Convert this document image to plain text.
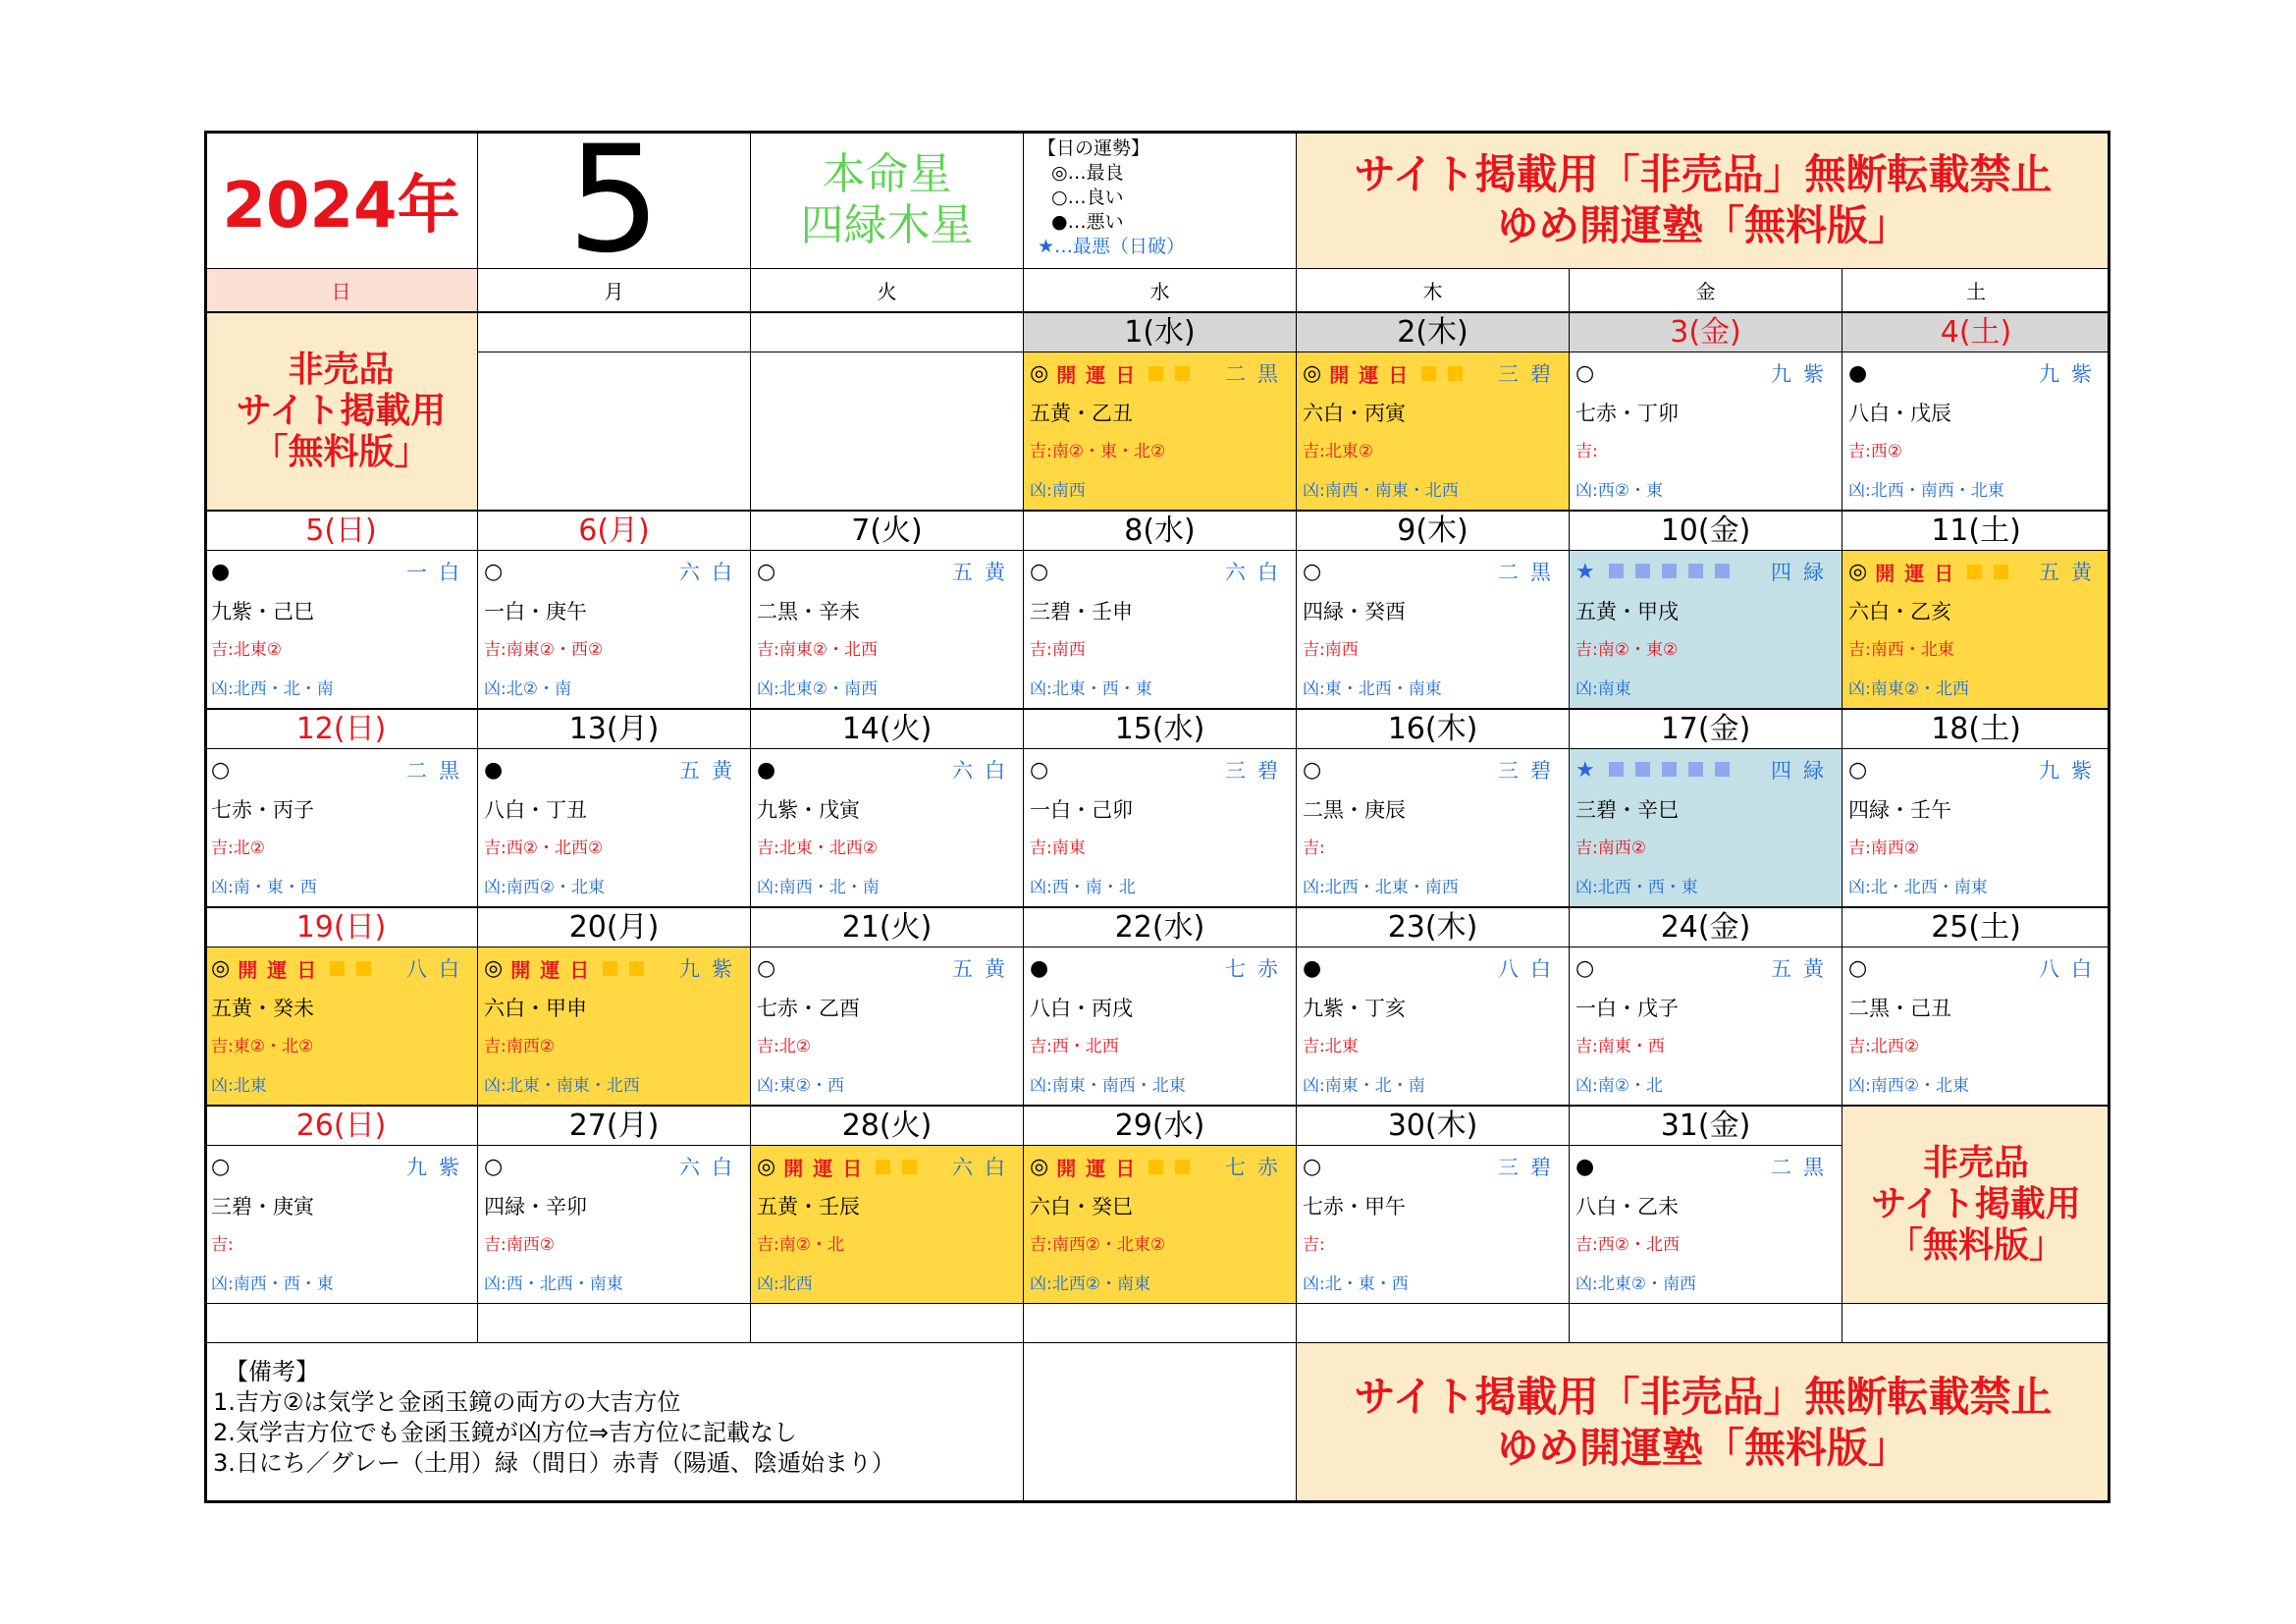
2024年 5	本命星
四緑木星
【日の運勢】
◎…最良
○…良い
●…悪い
★…最悪（日破）
サイト掲載用「非売品」無断転載禁止
ゆめ開運塾「無料版」
日	月	火	水	木	金	土
1(水)
◎ 開運日	二黒
五黄・乙丑
吉:南②・東・北②
凶:南西
2(木)
◎ 開運日	三碧
六白・丙寅
吉:北東②
凶:南西・南東・北西
3(金)
○	九紫
七赤・丁卯
吉:
凶:西②・東
4(土)
●	九紫
八白・戊辰
吉:西②
凶:北西・南西・北東
5(日)
●	一白
九紫・己巳
吉:北東②
凶:北西・北・南
6(月)
○	六白
一白・庚午
吉:南東②・西②
凶:北②・南
7(火)
○	五黄
二黒・辛未
吉:南東②・北西
凶:北東②・南西
8(水)
○	六白
三碧・壬申
吉:南西
凶:北東・西・東
9(木)
○	二黒
四緑・癸酉
吉:南西
凶:東・北西・南東
10(金)
★	四緑
五黄・甲戌
吉:南②・東②
凶:南東
11(土)
◎ 開運日	五黄
六白・乙亥
吉:南西・北東
凶:南東②・北西
12(日)
○	二黒
七赤・丙子
吉:北②
凶:南・東・西
13(月)
●	五黄
八白・丁丑
吉:西②・北西②
凶:南西②・北東
14(火)
●	六白
九紫・戊寅
吉:北東・北西②
凶:南西・北・南
15(水)
○	三碧
一白・己卯
吉:南東
凶:西・南・北
16(木)
○	三碧
二黒・庚辰
吉:
凶:北西・北東・南西
17(金)
★	四緑
三碧・辛巳
吉:南西②
凶:北西・西・東
18(土)
○	九紫
四緑・壬午
吉:南西②
凶:北・北西・南東
19(日)
◎ 開運日	八白
五黄・癸未
吉:東②・北②
凶:北東
20(月)
◎ 開運日	九紫
六白・甲申
吉:南西②
凶:北東・南東・北西
21(火)
○	五黄
七赤・乙酉
吉:北②
凶:東②・西
22(水)
●	七赤
八白・丙戌
吉:西・北西
凶:南東・南西・北東
23(木)
●	八白
九紫・丁亥
吉:北東
凶:南東・北・南
24(金)
○	五黄
一白・戊子
吉:南東・西
凶:南②・北
25(土)
○	八白
二黒・己丑
吉:北西②
凶:南西②・北東
26(日)
○	九紫
三碧・庚寅
吉:
凶:南西・西・東
27(月)
○	六白
四緑・辛卯
吉:南西②
凶:西・北西・南東
28(火)
◎ 開運日	六白
五黄・壬辰
吉:南②・北
凶:北西
29(水)
◎ 開運日	七赤
六白・癸巳
吉:南西②・北東②
凶:北西②・南東
30(木)
○	三碧
七赤・甲午
吉:
凶:北・東・西
31(金)
●	二黒
八白・乙未
吉:西②・北西
凶:北東②・南西
非売品
サイト掲載用
「無料版」
非売品
サイト掲載用
「無料版」
【備考】
1.吉方②は気学と金函玉鏡の両方の大吉方位
2.気学吉方位でも金函玉鏡が凶方位⇒吉方位に記載なし
3.日にち／グレー（土用）緑（間日）赤青（陽遁、陰遁始まり）
サイト掲載用「非売品」無断転載禁止
ゆめ開運塾「無料版」
